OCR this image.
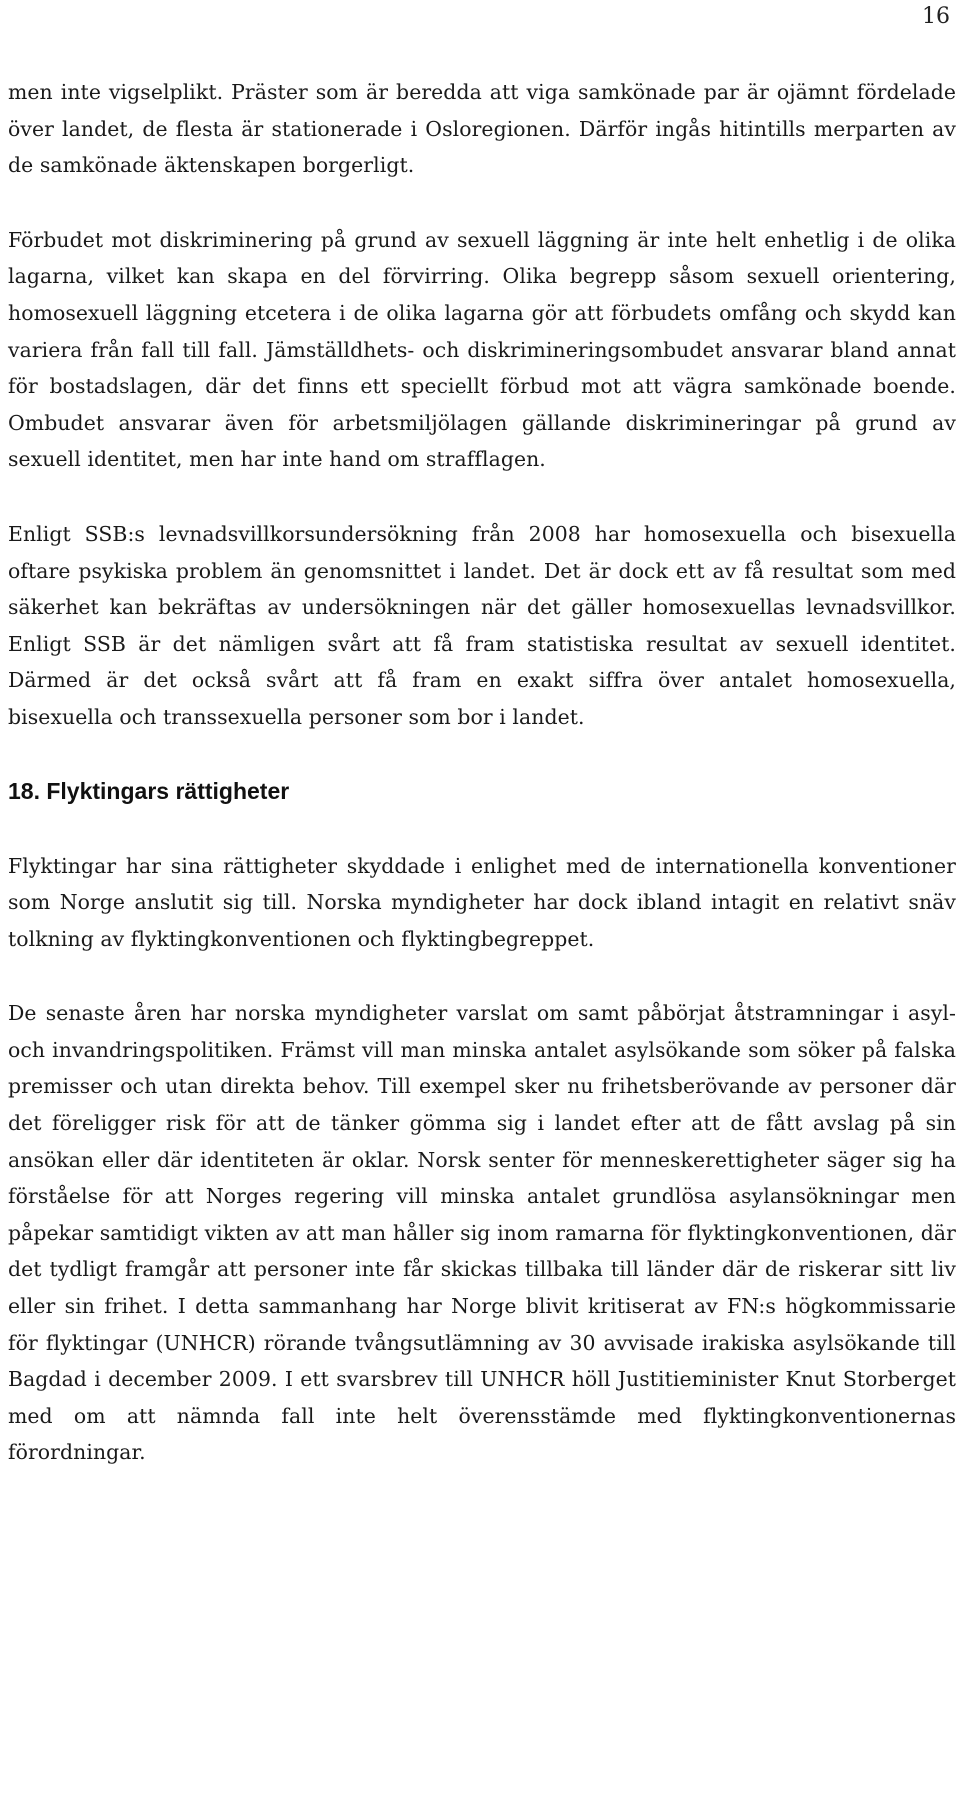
16

men inte vigselplikt. Präster som är beredda att viga samkönade par är ojämnt fördelade över landet, de flesta är stationerade i Osloregionen. Därför ingås hitintills merparten av de samkönade äktenskapen borgerligt.

Förbudet mot diskriminering på grund av sexuell läggning är inte helt enhetlig i de olika lagarna, vilket kan skapa en del förvirring. Olika begrepp såsom sexuell orientering, homosexuell läggning etcetera i de olika lagarna gör att förbudets omfång och skydd kan variera från fall till fall. Jämställdhets- och diskrimineringsombudet ansvarar bland annat för bostadslagen, där det finns ett speciellt förbud mot att vägra samkönade boende. Ombudet ansvarar även för arbetsmiljölagen gällande diskrimineringar på grund av sexuell identitet, men har inte hand om strafflagen.

Enligt SSB:s levnadsvillkorsundersökning från 2008 har homosexuella och bisexuella oftare psykiska problem än genomsnittet i landet. Det är dock ett av få resultat som med säkerhet kan bekräftas av undersökningen när det gäller homosexuellas levnadsvillkor. Enligt SSB är det nämligen svårt att få fram statistiska resultat av sexuell identitet. Därmed är det också svårt att få fram en exakt siffra över antalet homosexuella, bisexuella och transsexuella personer som bor i landet.

18. Flyktingars rättigheter

Flyktingar har sina rättigheter skyddade i enlighet med de internationella konventioner som Norge anslutit sig till. Norska myndigheter har dock ibland intagit en relativt snäv tolkning av flyktingkonventionen och flyktingbegreppet.

De senaste åren har norska myndigheter varslat om samt påbörjat åtstramningar i asyl- och invandringspolitiken. Främst vill man minska antalet asylsökande som söker på falska premisser och utan direkta behov. Till exempel sker nu frihetsberövande av personer där det föreligger risk för att de tänker gömma sig i landet efter att de fått avslag på sin ansökan eller där identiteten är oklar. Norsk senter för menneskerettigheter säger sig ha förståelse för att Norges regering vill minska antalet grundlösa asylansökningar men påpekar samtidigt vikten av att man håller sig inom ramarna för flyktingkonventionen, där det tydligt framgår att personer inte får skickas tillbaka till länder där de riskerar sitt liv eller sin frihet. I detta sammanhang har Norge blivit kritiserat av FN:s högkommissarie för flyktingar (UNHCR) rörande tvångsutlämning av 30 avvisade irakiska asylsökande till Bagdad i december 2009. I ett svarsbrev till UNHCR höll Justitieminister Knut Storberget med om att nämnda fall inte helt överensstämde med flyktingkonventionernas förordningar.
